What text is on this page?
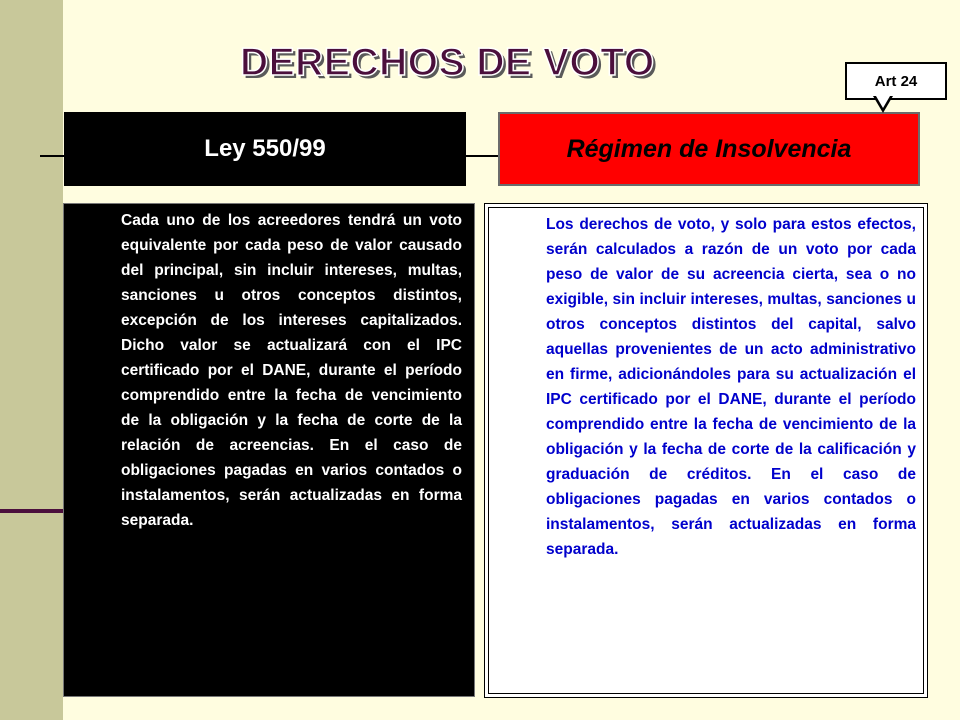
DERECHOS DE VOTO
Ley 550/99	Régimen de Insolvencia
Art 24

Cada uno de los acreedores tendrá un voto equivalente por cada peso de valor causado del principal, sin incluir intereses, multas, sanciones u otros conceptos distintos, excepción de los intereses capitalizados. Dicho valor se actualizará con el IPC certificado por el DANE, durante el período comprendido entre la fecha de vencimiento de la obligación y la fecha de corte de la relación de acreencias. En el caso de obligaciones pagadas en varios contados o instalamentos, serán actualizadas en forma separada.

Los derechos de voto, y solo para estos efectos, serán calculados a razón de un voto por cada peso de valor de su acreencia cierta, sea o no exigible, sin incluir intereses, multas, sanciones u otros conceptos distintos del capital, salvo aquellas provenientes de un acto administrativo en firme, adicionándoles para su actualización el IPC certificado por el DANE, durante el período comprendido entre la fecha de vencimiento de la obligación y la fecha de corte de la calificación y graduación de créditos. En el caso de obligaciones pagadas en varios contados o instalamentos, serán actualizadas en forma separada.
